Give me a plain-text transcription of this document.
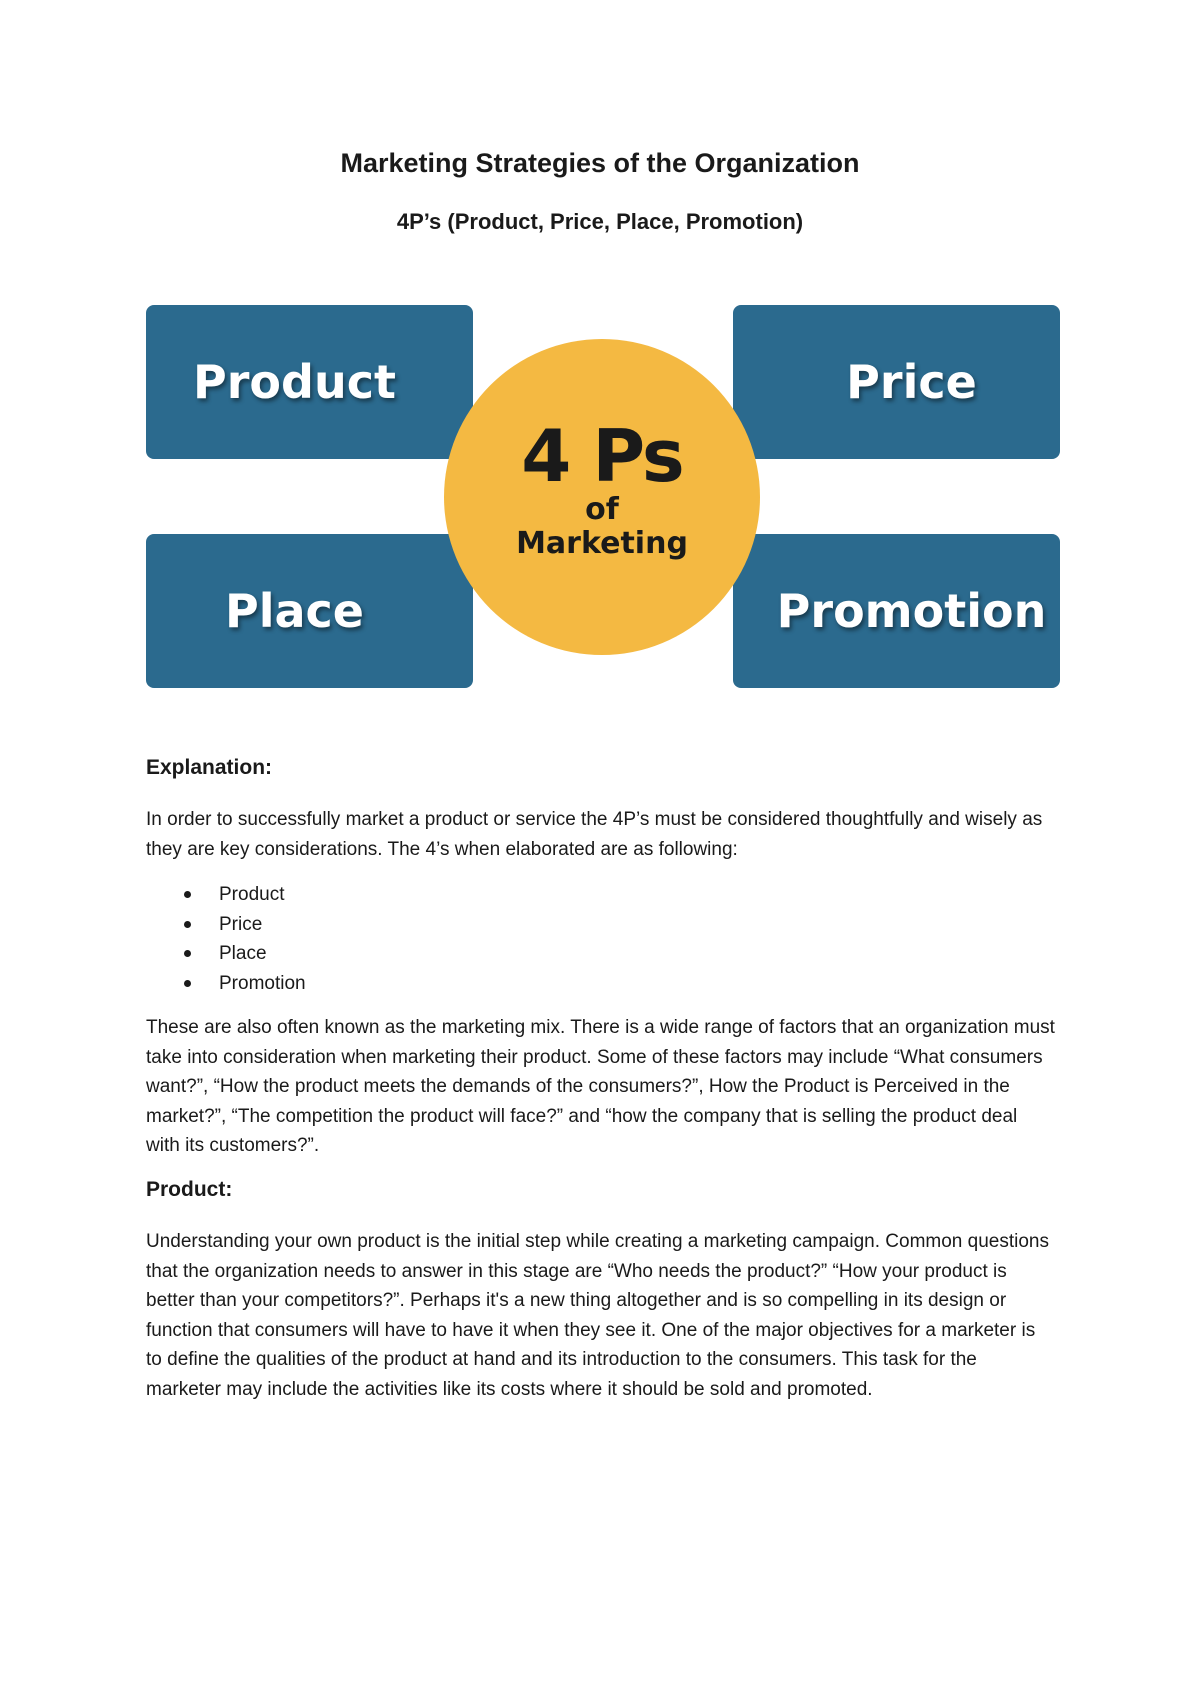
Marketing Strategies of the Organization
4P’s (Product, Price, Place, Promotion)
Product	Price
Place	Promotion
4 Ps
of
Marketing
Explanation:

In order to successfully market a product or service the 4P’s must be considered thoughtfully and wisely as they are key considerations. The 4’s when elaborated are as following:

Product
Price
Place
Promotion

These are also often known as the marketing mix. There is a wide range of factors that an organization must take into consideration when marketing their product. Some of these factors may include “What consumers want?”, “How the product meets the demands of the consumers?”, How the Product is Perceived in the market?”, “The competition the product will face?” and “how the company that is selling the product deal with its customers?”.

Product:

Understanding your own product is the initial step while creating a marketing campaign. Common questions that the organization needs to answer in this stage are “Who needs the product?” “How your product is better than your competitors?”. Perhaps it's a new thing altogether and is so compelling in its design or function that consumers will have to have it when they see it. One of the major objectives for a marketer is to define the qualities of the product at hand and its introduction to the consumers. This task for the marketer may include the activities like its costs where it should be sold and promoted.
